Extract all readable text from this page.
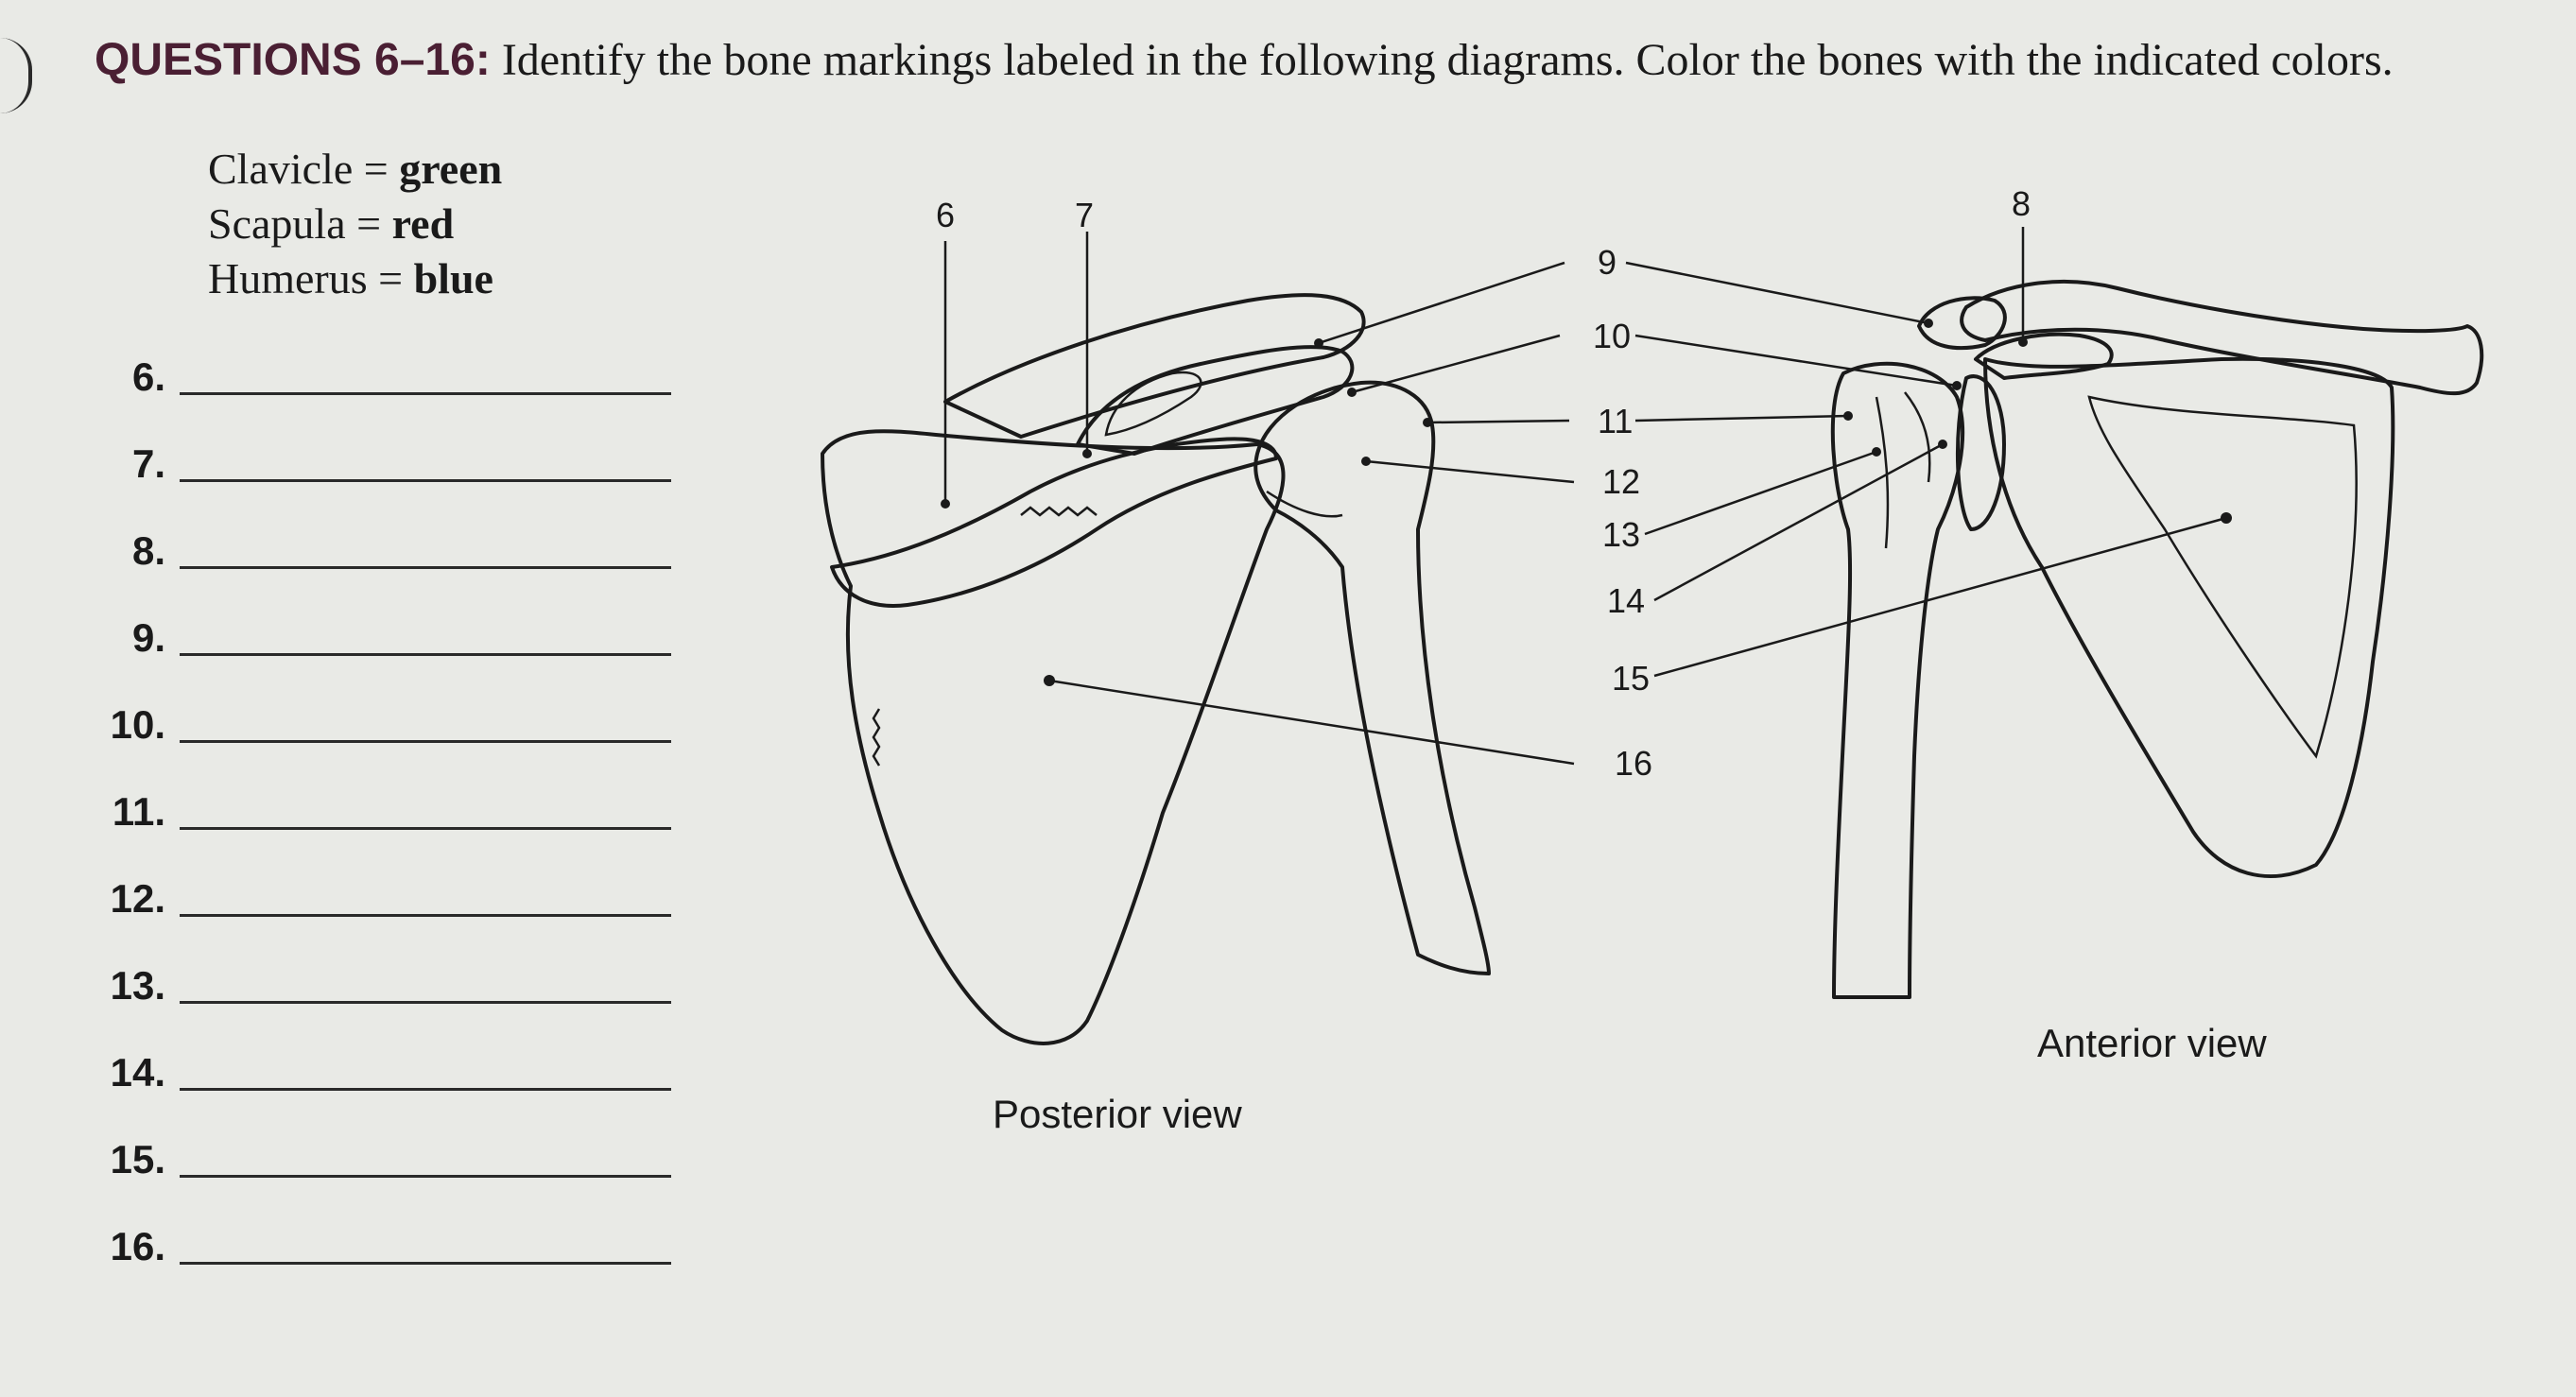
QUESTIONS 6–16: Identify the bone markings labeled in the following diagrams. Color the bones with the indicated colors.
Clavicle = green
Scapula = red
Humerus = blue
6.
7.
8.
9.
10.
11.
12.
13.
14.
15.
16.
6	7	8
9
10
11
12
13
14
15
16
Posterior view
Anterior view
